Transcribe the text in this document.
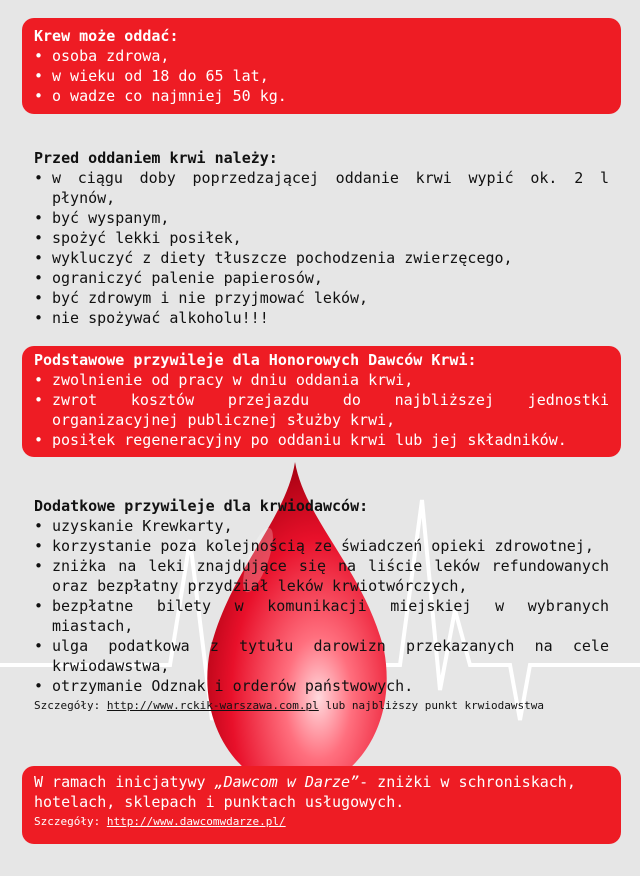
Krew może oddać:
• osoba zdrowa,
• w wieku od 18 do 65 lat,
• o wadze co najmniej 50 kg.
Przed oddaniem krwi należy:
• w ciągu doby poprzedzającej oddanie krwi wypić ok. 2 l płynów,
• być wyspanym,
• spożyć lekki posiłek,
• wykluczyć z diety tłuszcze pochodzenia zwierzęcego,
• ograniczyć palenie papierosów,
• być zdrowym i nie przyjmować leków,
• nie spożywać alkoholu!!!
Podstawowe przywileje dla Honorowych Dawców Krwi:
• zwolnienie od pracy w dniu oddania krwi,
• zwrot kosztów przejazdu do najbliższej jednostki organizacyjnej publicznej służby krwi,
• posiłek regeneracyjny po oddaniu krwi lub jej składników.
Dodatkowe przywileje dla krwiodawców:
• uzyskanie Krewkarty,
• korzystanie poza kolejnością ze świadczeń opieki zdrowotnej,
• zniżka na leki znajdujące się na liście leków refundowanych oraz bezpłatny przydział leków krwiotwórczych,
• bezpłatne bilety w komunikacji miejskiej w wybranych miastach,
• ulga podatkowa z tytułu darowizn przekazanych na cele krwiodawstwa,
• otrzymanie Odznak i orderów państwowych.
Szczegóły: http://www.rckik-warszawa.com.pl lub najbliższy punkt krwiodawstwa
W ramach inicjatywy „Dawcom w Darze”- zniżki w schroniskach, hotelach, sklepach i punktach usługowych.
Szczegóły: http://www.dawcomwdarze.pl/
